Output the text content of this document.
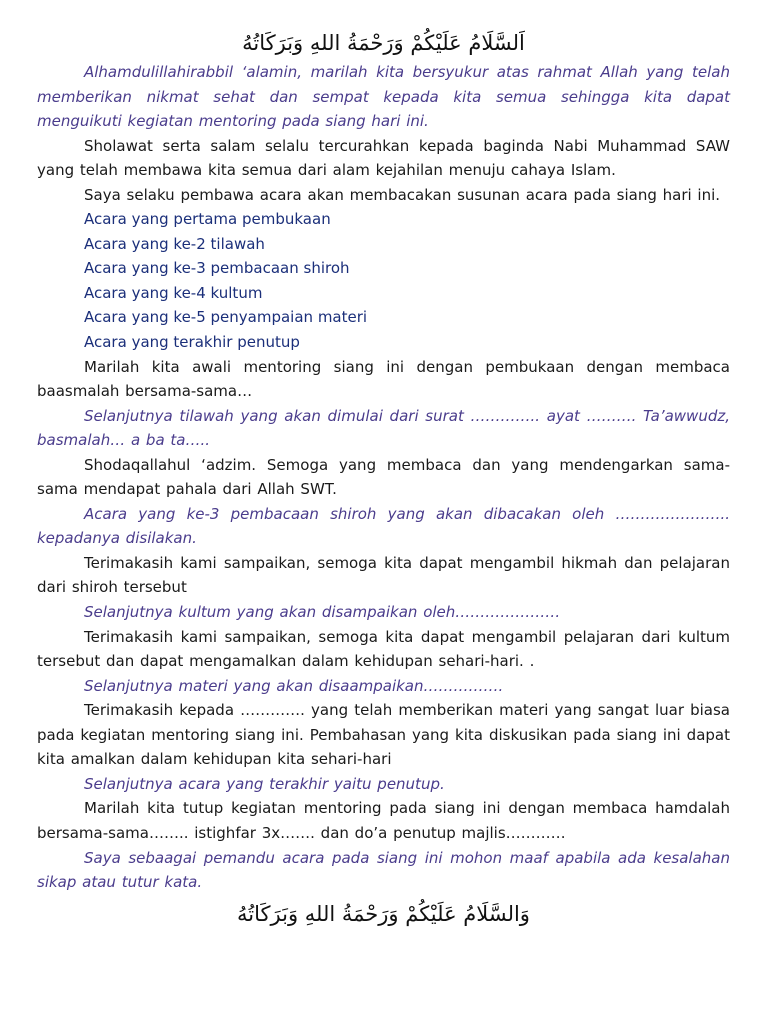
اَلسَّلَامُ عَلَيْكُمْ وَرَحْمَةُ اللهِ وَبَرَكَاتُهُ

Alhamdulillahirabbil ‘alamin, marilah kita bersyukur atas rahmat Allah yang telah memberikan nikmat sehat dan sempat kepada kita semua sehingga kita dapat menguikuti kegiatan mentoring pada siang hari ini.

Sholawat serta salam selalu tercurahkan kepada baginda Nabi Muhammad SAW yang telah membawa kita semua dari alam kejahilan menuju cahaya Islam.

Saya selaku pembawa acara akan membacakan susunan acara pada siang hari ini.

Acara yang pertama pembukaan

Acara yang ke-2 tilawah

Acara yang ke-3 pembacaan shiroh

Acara yang ke-4 kultum

Acara yang ke-5 penyampaian materi

Acara yang terakhir penutup

Marilah kita awali mentoring siang ini dengan pembukaan dengan membaca baasmalah bersama-sama…

Selanjutnya tilawah yang akan dimulai dari surat ………….. ayat ………. Ta’awwudz, basmalah… a ba ta…..

Shodaqallahul ‘adzim. Semoga yang membaca dan yang mendengarkan sama-sama mendapat pahala dari Allah SWT.

Acara yang ke-3 pembacaan shiroh yang akan dibacakan oleh ………………….. kepadanya disilakan.

Terimakasih kami sampaikan, semoga kita dapat mengambil hikmah dan pelajaran dari shiroh tersebut

Selanjutnya kultum yang akan disampaikan oleh…………………

Terimakasih kami sampaikan, semoga kita dapat mengambil pelajaran dari kultum tersebut dan dapat mengamalkan dalam kehidupan sehari-hari. .

Selanjutnya materi yang akan disaampaikan…………….

Terimakasih kepada …………. yang telah memberikan materi yang sangat luar biasa pada kegiatan mentoring siang ini. Pembahasan yang kita diskusikan pada siang ini dapat kita amalkan dalam kehidupan kita sehari-hari

Selanjutnya acara yang terakhir yaitu penutup.

Marilah kita tutup kegiatan mentoring pada siang ini dengan membaca hamdalah bersama-sama…….. istighfar 3x……. dan do’a penutup majlis…………

Saya sebaagai pemandu acara pada siang ini mohon maaf apabila ada kesalahan sikap atau tutur kata.

وَالسَّلَامُ عَلَيْكُمْ وَرَحْمَةُ اللهِ وَبَرَكَاتُهُ
